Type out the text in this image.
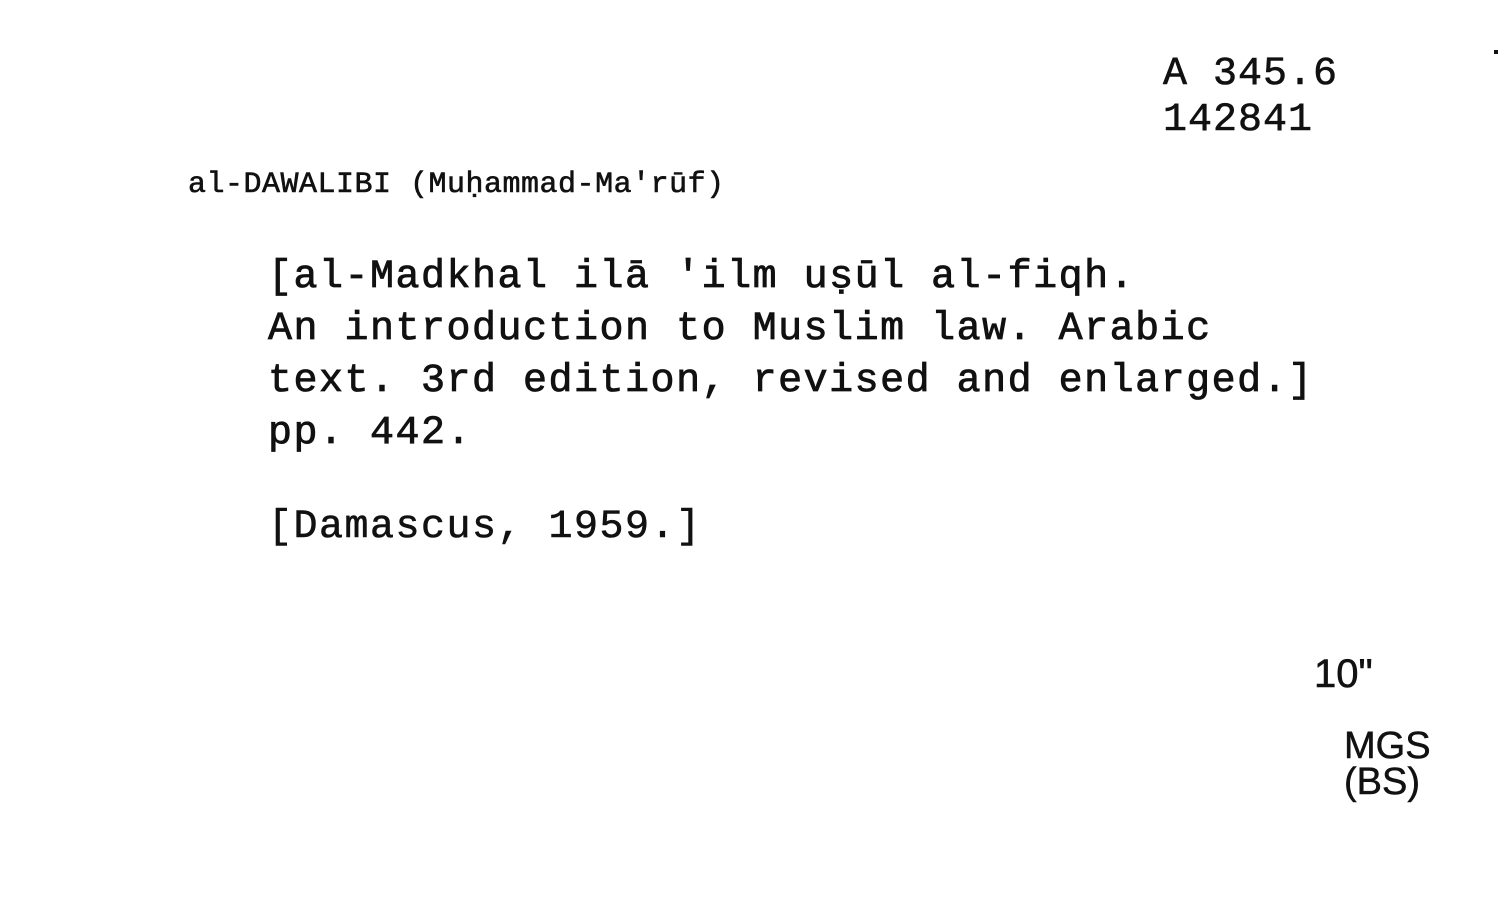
A 345.6
142841
al-DAWALIBI (Muḥammad-Ma'rūf)
[al-Madkhal ilā 'ilm uṣūl al-fiqh.
An introduction to Muslim law. Arabic
text. 3rd edition, revised and enlarged.]
pp. 442.
[Damascus, 1959.]
10"
MGS
(BS)
